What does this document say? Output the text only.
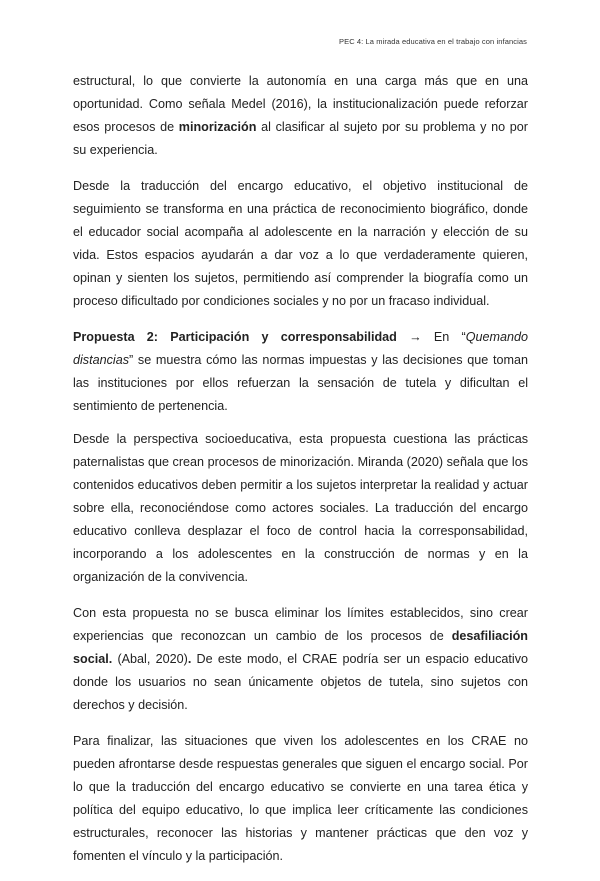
PEC 4: La mirada educativa en el trabajo con infancias

estructural, lo que convierte la autonomía en una carga más que en una oportunidad. Como señala Medel (2016), la institucionalización puede reforzar esos procesos de minorización al clasificar al sujeto por su problema y no por su experiencia.

Desde la traducción del encargo educativo, el objetivo institucional de seguimiento se transforma en una práctica de reconocimiento biográfico, donde el educador social acompaña al adolescente en la narración y elección de su vida. Estos espacios ayudarán a dar voz a lo que verdaderamente quieren, opinan y sienten los sujetos, permitiendo así comprender la biografía como un proceso dificultado por condiciones sociales y no por un fracaso individual.

Propuesta 2: Participación y corresponsabilidad → En “Quemando distancias” se muestra cómo las normas impuestas y las decisiones que toman las instituciones por ellos refuerzan la sensación de tutela y dificultan el sentimiento de pertenencia.

Desde la perspectiva socioeducativa, esta propuesta cuestiona las prácticas paternalistas que crean procesos de minorización. Miranda (2020) señala que los contenidos educativos deben permitir a los sujetos interpretar la realidad y actuar sobre ella, reconociéndose como actores sociales. La traducción del encargo educativo conlleva desplazar el foco de control hacia la corresponsabilidad, incorporando a los adolescentes en la construcción de normas y en la organización de la convivencia.

Con esta propuesta no se busca eliminar los límites establecidos, sino crear experiencias que reconozcan un cambio de los procesos de desafiliación social. (Abal, 2020). De este modo, el CRAE podría ser un espacio educativo donde los usuarios no sean únicamente objetos de tutela, sino sujetos con derechos y decisión.

Para finalizar, las situaciones que viven los adolescentes en los CRAE no pueden afrontarse desde respuestas generales que siguen el encargo social. Por lo que la traducción del encargo educativo se convierte en una tarea ética y política del equipo educativo, lo que implica leer críticamente las condiciones estructurales, reconocer las historias y mantener prácticas que den voz y fomenten el vínculo y la participación.
